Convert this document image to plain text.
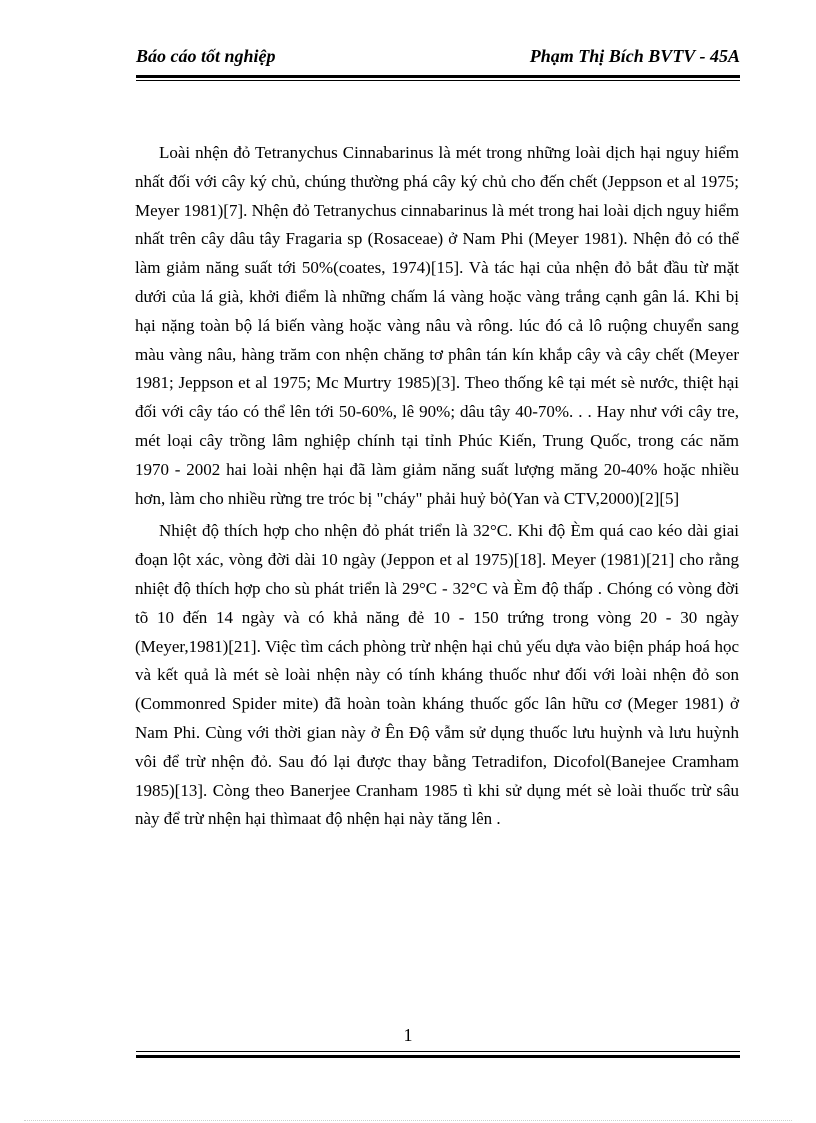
Báo cáo tốt nghiệp	Phạm Thị Bích BVTV - 45A

Loài nhện đỏ Tetranychus Cinnabarinus là mét trong những loài dịch hại nguy hiểm nhất đối với cây ký chủ, chúng thường phá cây ký chủ cho đến chết (Jeppson et al 1975; Meyer 1981)[7]. Nhện đỏ Tetranychus cinnabarinus là mét trong hai loài dịch nguy hiểm nhất trên cây dâu tây Fragaria sp (Rosaceae) ở Nam Phi (Meyer 1981). Nhện đỏ có thể làm giảm năng suất tới 50%(coates, 1974)[15]. Và tác hại của nhện đỏ bắt đầu từ mặt dưới của lá già, khởi điểm là những chấm lá vàng hoặc vàng trắng cạnh gân lá. Khi bị hại nặng toàn bộ lá biến vàng hoặc vàng nâu và rông. lúc đó cả lô ruộng chuyển sang màu vàng nâu, hàng trăm con nhện chăng tơ phân tán kín khắp cây và cây chết (Meyer 1981; Jeppson et al 1975; Mc Murtry 1985)[3]. Theo thống kê tại mét sè nước, thiệt hại đối với cây táo có thể lên tới 50-60%, lê 90%; dâu tây 40-70%. . . Hay như với cây tre, mét loại cây trồng lâm nghiệp chính tại tỉnh Phúc Kiến, Trung Quốc, trong các năm 1970 - 2002 hai loài nhện hại đã làm giảm năng suất lượng măng 20-40% hoặc nhiều hơn, làm cho nhiều rừng tre tróc bị "cháy" phải huỷ bỏ(Yan và CTV,2000)[2][5]

Nhiệt độ thích hợp cho nhện đỏ phát triển là 32°C. Khi độ Èm quá cao kéo dài giai đoạn lột xác, vòng đời dài 10 ngày (Jeppon et al 1975)[18]. Meyer (1981)[21] cho rằng nhiệt độ thích hợp cho sù phát triển là 29°C - 32°C và Èm độ thấp . Chóng có vòng đời tõ 10 đến 14 ngày và có khả năng đẻ 10 - 150 trứng trong vòng 20 - 30 ngày (Meyer,1981)[21]. Việc tìm cách phòng trừ nhện hại chủ yếu dựa vào biện pháp hoá học và kết quả là mét sè loài nhện này có tính kháng thuốc như đối với loài nhện đỏ son (Commonred Spider mite) đã hoàn toàn kháng thuốc gốc lân hữu cơ (Meger 1981) ở Nam Phi. Cùng với thời gian này ở Ên Độ vẫm sử dụng thuốc lưu huỳnh và lưu huỳnh vôi để trừ nhện đỏ. Sau đó lại được thay bằng Tetradifon, Dicofol(Banejee Cramham 1985)[13]. Còng theo Banerjee Cranham 1985 tì khi sử dụng mét sè loài thuốc trừ sâu này để trừ nhện hại thìmaat độ nhện hại này tăng lên .

1
